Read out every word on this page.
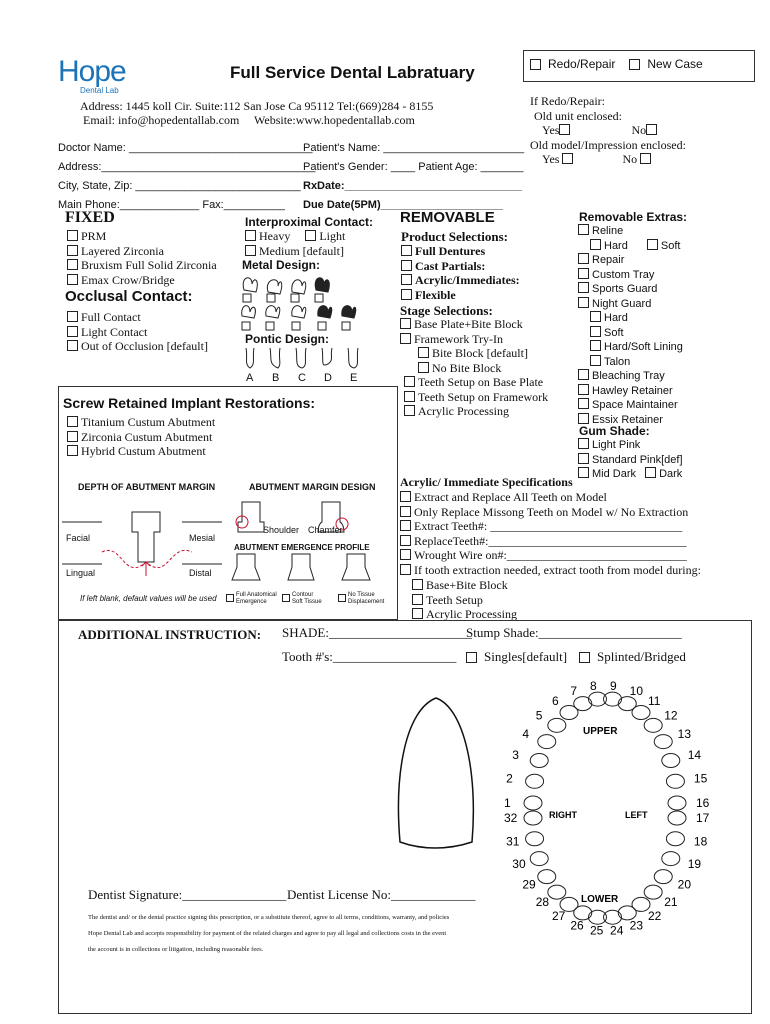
Hope
Dental Lab
Full Service Dental Labratuary
Address: 1445 koll Cir. Suite:112 San Jose Ca 95112 Tel:(669)284 - 8155
Email: info@hopedentallab.com Website:www.hopedentallab.com
Redo/Repair	New Case
If Redo/Repair:
Old unit enclosed:
Yes	No
Old model/Impression enclosed:
Yes	No
Doctor Name: ______________________________
Address:___________________________________
City, State, Zip: ___________________________
Main Phone:_____________ Fax:__________
Patient's Name: _______________________
Patient's Gender: ____ Patient Age: _______
RxDate:_____________________________
Due Date(5PM)____________________
FIXED
PRM
Layered Zirconia
Bruxism Full Solid Zirconia
Emax Crow/Bridge
Interproximal Contact:
Heavy Light
Medium [default]
Metal Design:
Occlusal Contact:
Full Contact
Light Contact
Out of Occlusion [default]	Pontic Design:
A B C D E
REMOVABLE
Product Selections:
Full Dentures
Cast Partials:
Acrylic/Immediates:
Flexible
Stage Selections:
Base Plate+Bite Block
Framework Try-In
Bite Block [default]
No Bite Block
Teeth Setup on Base Plate
Teeth Setup on Framework
Acrylic Processing
Removable Extras:
Reline
Hard	Soft
Repair
Custom Tray
Sports Guard
Night Guard
Hard
Soft
Hard/Soft Lining
Talon
Bleaching Tray
Hawley Retainer
Space Maintainer
Essix Retainer
Gum Shade:
Light Pink
Standard Pink[def]
Mid Dark Dark
Screw Retained Implant Restorations:
Titanium Custum Abutment
Zirconia Custum Abutment
Hybrid Custum Abutment
DEPTH OF ABUTMENT MARGIN	ABUTMENT MARGIN DESIGN
Facial	Mesial
Lingual	Distal
Shoulder Chamfer
ABUTMENT EMERGENCE PROFILE
If left blank, default values will be used	Full Anatomical
Emergence
Contour
Soft Tissue
No Tissue
Displacement
Acrylic/ Immediate Specifications
Extract and Replace All Teeth on Model
Only Replace Missong Teeth on Model w/ No Extraction
Extract Teeth#: ________________________________
ReplaceTeeth#:_________________________________
Wrought Wire on#:______________________________
If tooth extraction needed, extract tooth from model during:
Base+Bite Block
Teeth Setup
Acrylic Processing
ADDITIONAL INSTRUCTION: SHADE:______________________
Stump Shade:______________________
Tooth #'s:___________________ Singles[default] Splinted/Bridged
UPPER
LOWER
RIGHT	LEFT
1
2
3
4
5
6
7 8 9 10
11
12
13
14
15
16
17
18
19
20
21
22
23
24
25
26
27
28
29
30
31
32
Dentist Signature:________________ Dentist License No:_____________
The dentist and/ or the dental practice signing this prescription, or a substitute thereof, agree to all terms, conditions, warranty, and policies
Hope Dental Lab and accepts responsibility for payment of the related charges and agree to pay all legal and collections costs in the event
the account is in collections or litigation, including reasonable fees.
